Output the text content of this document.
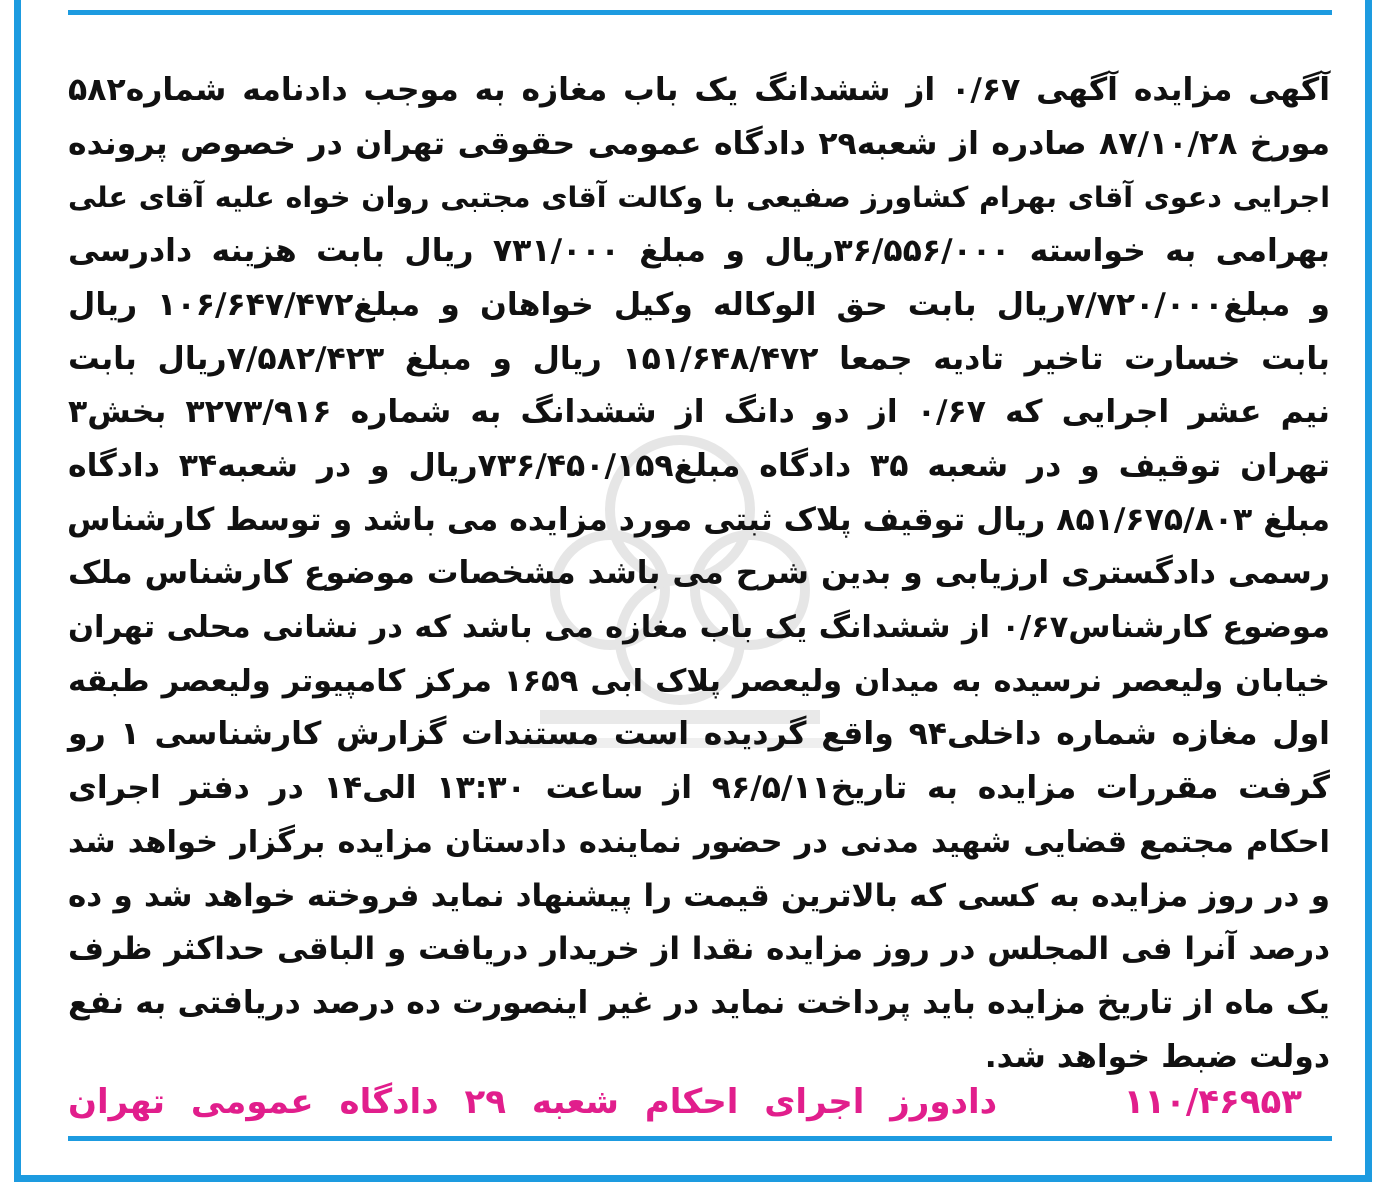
آگهی مزایده آگهی ۰/۶۷ از ششدانگ یک باب مغازه به موجب دادنامه شماره۵۸۲
مورخ ۸۷/۱۰/۲۸ صادره از شعبه۲۹ دادگاه عمومی حقوقی تهران در خصوص پرونده
اجرایی دعوی آقای بهرام کشاورز صفیعی با وکالت آقای مجتبی روان خواه علیه آقای علی
بهرامی به خواسته ۳۶/۵۵۶/۰۰۰ریال و مبلغ ۷۳۱/۰۰۰ ریال بابت هزینه دادرسی
و مبلغ۷/۷۲۰/۰۰۰ریال بابت حق الوکاله وکیل خواهان و مبلغ۱۰۶/۶۴۷/۴۷۲ ریال
بابت خسارت تاخیر تادیه جمعا ۱۵۱/۶۴۸/۴۷۲ ریال و مبلغ ۷/۵۸۲/۴۲۳ریال بابت
نیم عشر اجرایی که ۰/۶۷ از دو دانگ از ششدانگ به شماره ۳۲۷۳/۹۱۶ بخش۳
تهران توقیف و در شعبه ۳۵ دادگاه مبلغ۷۳۶/۴۵۰/۱۵۹ریال و در شعبه۳۴ دادگاه
مبلغ ۸۵۱/۶۷۵/۸۰۳ ریال توقیف پلاک ثبتی مورد مزایده می باشد و توسط کارشناس
رسمی دادگستری ارزیابی و بدین شرح می باشد مشخصات موضوع کارشناس ملک
موضوع کارشناس۰/۶۷ از ششدانگ یک باب مغازه می باشد که در نشانی محلی تهران
خیابان ولیعصر نرسیده به میدان ولیعصر پلاک ابی ۱۶۵۹ مرکز کامپیوتر ولیعصر طبقه
اول مغازه شماره داخلی۹۴ واقع گردیده است مستندات گزارش کارشناسی ۱ رو
گرفت مقررات مزایده به تاریخ۹۶/۵/۱۱ از ساعت ۱۳:۳۰ الی۱۴ در دفتر اجرای
احکام مجتمع قضایی شهید مدنی در حضور نماینده دادستان مزایده برگزار خواهد شد
و در روز مزایده به کسی که بالاترین قیمت را پیشنهاد نماید فروخته خواهد شد و ده
درصد آنرا فی المجلس در روز مزایده نقدا از خریدار دریافت و الباقی حداکثر ظرف
یک ماه از تاریخ مزایده باید پرداخت نماید در غیر اینصورت ده درصد دریافتی به نفع
دولت ضبط خواهد شد.
۱۱۰/۴۶۹۵۳
دادورز اجرای احکام شعبه ۲۹ دادگاه عمومی تهران
